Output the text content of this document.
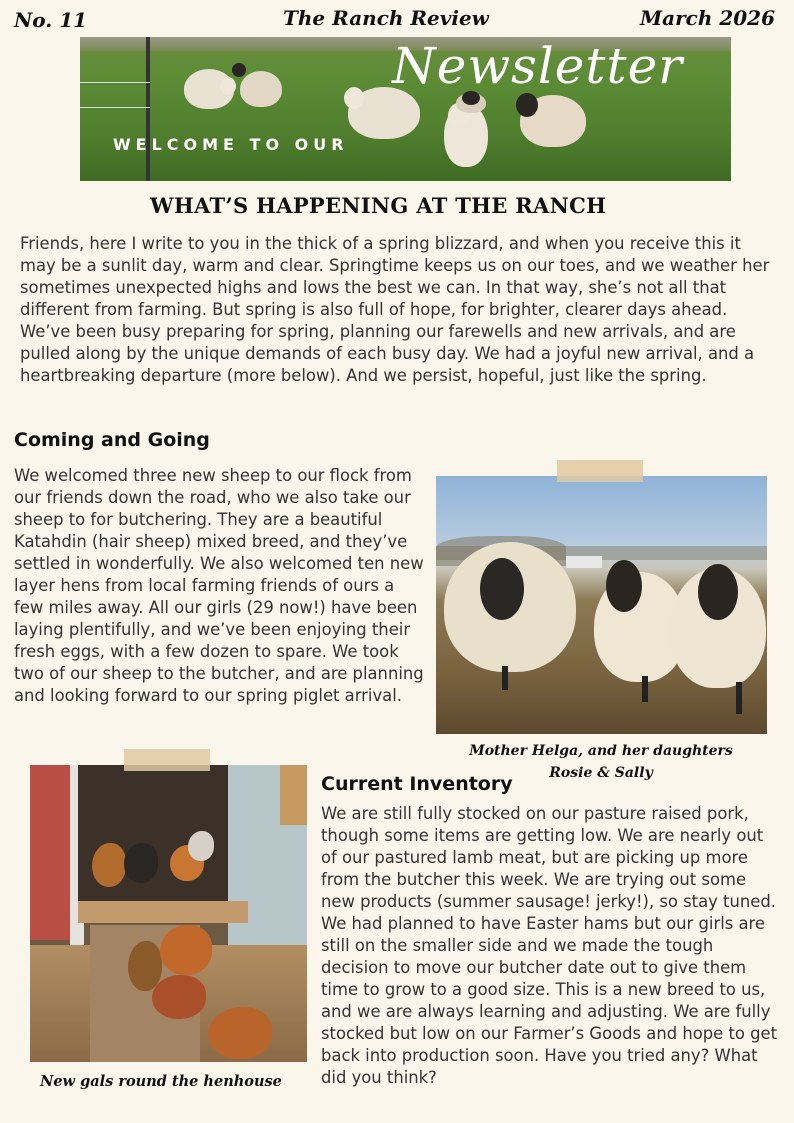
No. 11	The Ranch Review	March 2026
Newsletter
WELCOME TO OUR
WHAT’S HAPPENING AT THE RANCH
Friends, here I write to you in the thick of a spring blizzard, and when you receive this it may be a sunlit day, warm and clear. Springtime keeps us on our toes, and we weather her sometimes unexpected highs and lows the best we can. In that way, she’s not all that different from farming. But spring is also full of hope, for brighter, clearer days ahead. We’ve been busy preparing for spring, planning our farewells and new arrivals, and are pulled along by the unique demands of each busy day. We had a joyful new arrival, and a heartbreaking departure (more below). And we persist, hopeful, just like the spring.
Coming and Going
We welcomed three new sheep to our flock from our friends down the road, who we also take our sheep to for butchering. They are a beautiful Katahdin (hair sheep) mixed breed, and they’ve settled in wonderfully. We also welcomed ten new layer hens from local farming friends of ours a few miles away. All our girls (29 now!) have been laying plentifully, and we’ve been enjoying their fresh eggs, with a few dozen to spare. We took two of our sheep to the butcher, and are planning and looking forward to our spring piglet arrival.
Mother Helga, and her daughters
Rosie & Sally
New gals round the henhouse
Current Inventory
We are still fully stocked on our pasture raised pork, though some items are getting low. We are nearly out of our pastured lamb meat, but are picking up more from the butcher this week. We are trying out some new products (summer sausage! jerky!), so stay tuned. We had planned to have Easter hams but our girls are still on the smaller side and we made the tough decision to move our butcher date out to give them time to grow to a good size. This is a new breed to us, and we are always learning and adjusting. We are fully stocked but low on our Farmer’s Goods and hope to get back into production soon. Have you tried any? What did you think?
